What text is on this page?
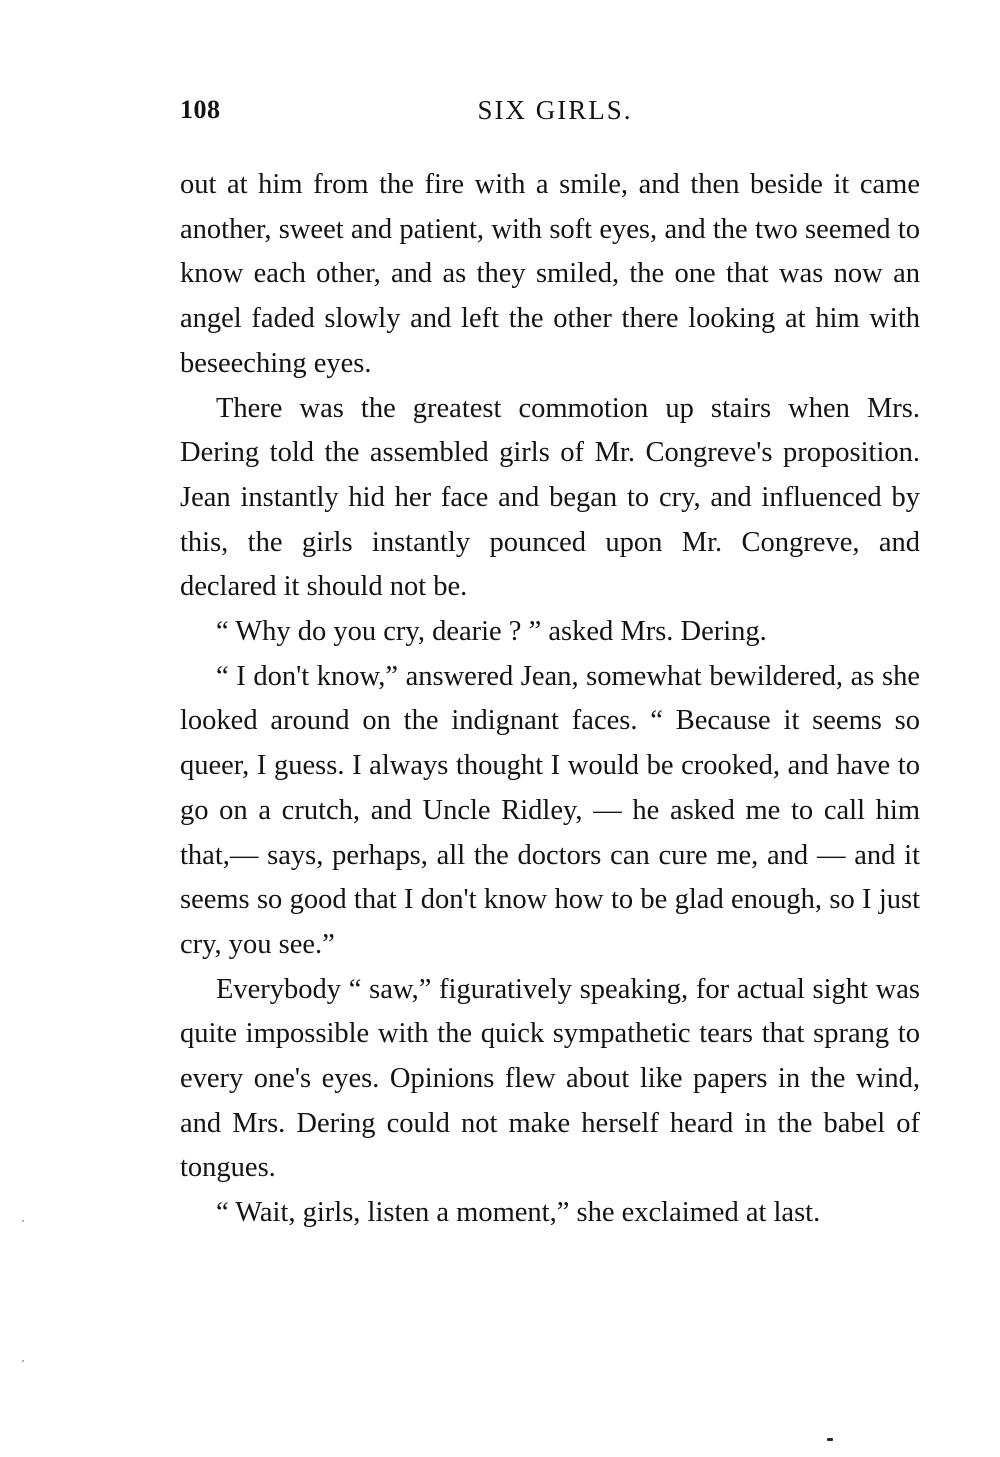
108	SIX GIRLS.

out at him from the fire with a smile, and then beside it came another, sweet and patient, with soft eyes, and the two seemed to know each other, and as they smiled, the one that was now an angel faded slowly and left the other there looking at him with beseeching eyes.

There was the greatest commotion up stairs when Mrs. Dering told the assembled girls of Mr. Congreve's proposition. Jean instantly hid her face and began to cry, and influenced by this, the girls instantly pounced upon Mr. Congreve, and declared it should not be.

“ Why do you cry, dearie ? ” asked Mrs. Dering.

“ I don't know,” answered Jean, somewhat bewildered, as she looked around on the indignant faces. “ Because it seems so queer, I guess. I always thought I would be crooked, and have to go on a crutch, and Uncle Ridley, — he asked me to call him that,— says, perhaps, all the doctors can cure me, and — and it seems so good that I don't know how to be glad enough, so I just cry, you see.”

Everybody “ saw,” figuratively speaking, for actual sight was quite impossible with the quick sympathetic tears that sprang to every one's eyes. Opinions flew about like papers in the wind, and Mrs. Dering could not make herself heard in the babel of tongues.

“ Wait, girls, listen a moment,” she exclaimed at last.
